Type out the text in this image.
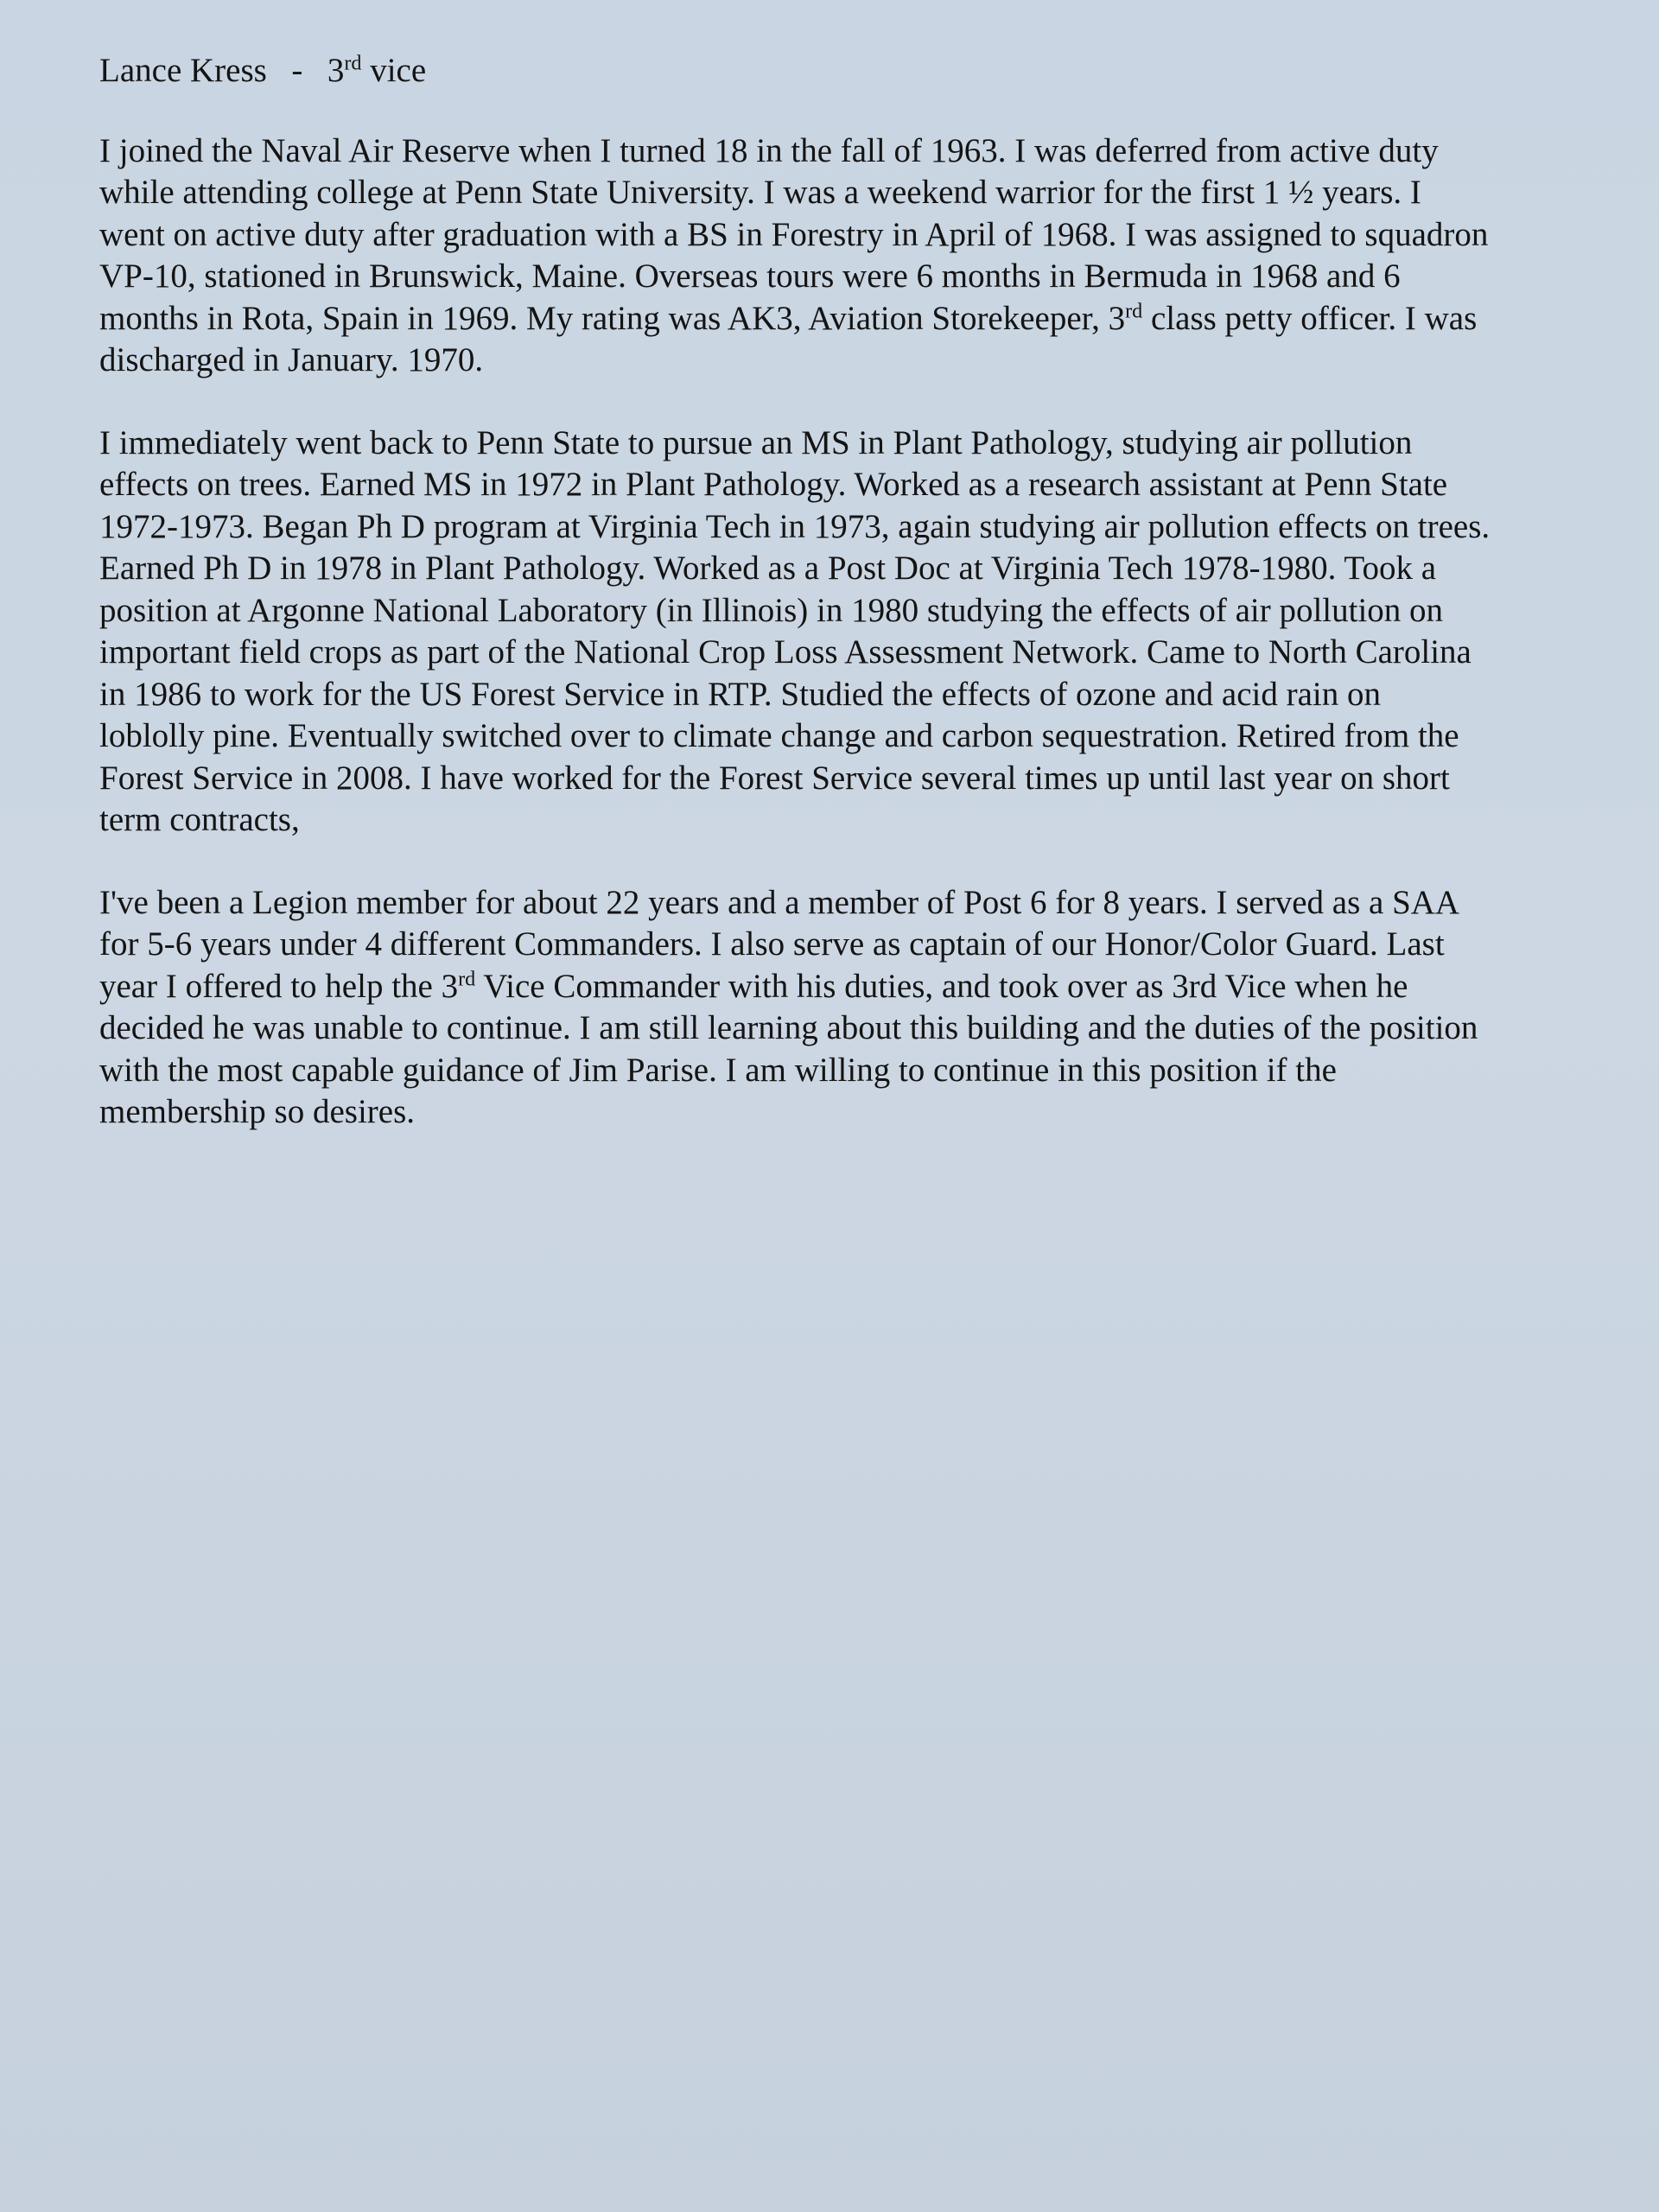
Lance Kress - 3rd vice
I joined the Naval Air Reserve when I turned 18 in the fall of 1963. I was deferred from active duty
while attending college at Penn State University. I was a weekend warrior for the first 1 ½ years. I
went on active duty after graduation with a BS in Forestry in April of 1968. I was assigned to squadron
VP-10, stationed in Brunswick, Maine. Overseas tours were 6 months in Bermuda in 1968 and 6
months in Rota, Spain in 1969. My rating was AK3, Aviation Storekeeper, 3rd class petty officer. I was
discharged in January. 1970.
I immediately went back to Penn State to pursue an MS in Plant Pathology, studying air pollution
effects on trees. Earned MS in 1972 in Plant Pathology. Worked as a research assistant at Penn State
1972-1973. Began Ph D program at Virginia Tech in 1973, again studying air pollution effects on trees.
Earned Ph D in 1978 in Plant Pathology. Worked as a Post Doc at Virginia Tech 1978-1980. Took a
position at Argonne National Laboratory (in Illinois) in 1980 studying the effects of air pollution on
important field crops as part of the National Crop Loss Assessment Network. Came to North Carolina
in 1986 to work for the US Forest Service in RTP. Studied the effects of ozone and acid rain on
loblolly pine. Eventually switched over to climate change and carbon sequestration. Retired from the
Forest Service in 2008. I have worked for the Forest Service several times up until last year on short
term contracts,
I've been a Legion member for about 22 years and a member of Post 6 for 8 years. I served as a SAA
for 5-6 years under 4 different Commanders. I also serve as captain of our Honor/Color Guard. Last
year I offered to help the 3rd Vice Commander with his duties, and took over as 3rd Vice when he
decided he was unable to continue. I am still learning about this building and the duties of the position
with the most capable guidance of Jim Parise. I am willing to continue in this position if the
membership so desires.
